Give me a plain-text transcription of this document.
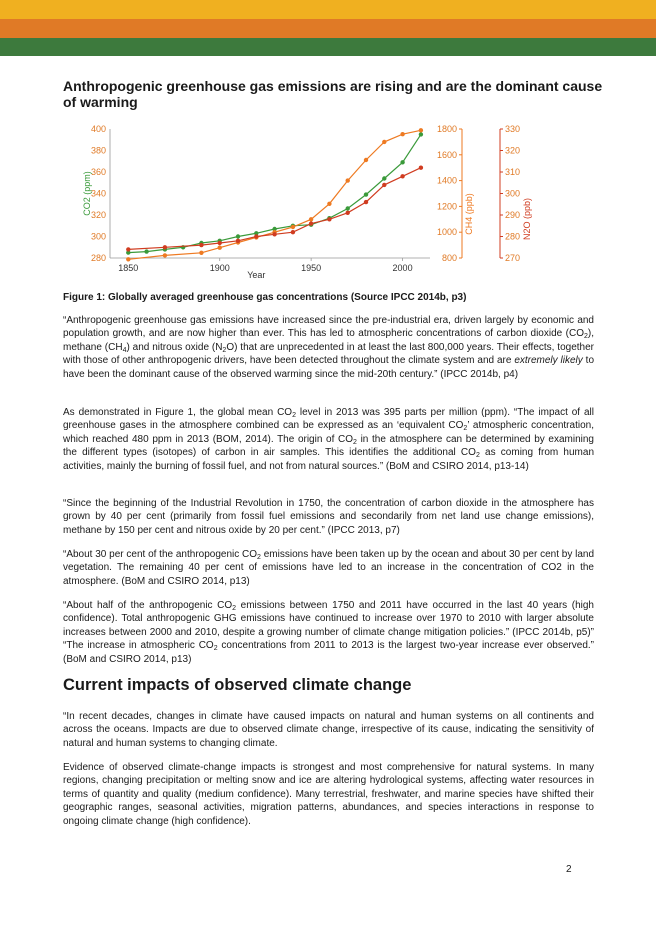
Anthropogenic greenhouse gas emissions are rising and are the dominant cause of warming
400
380
360
340
320
300
280
CO2 (ppm)
1850	1900	1950	2000
Year
1800
1600
1400
1200
1000
800
CH4 (ppb)
330
320
310
300
290
280
270
N2O (ppb)

Figure 1: Globally averaged greenhouse gas concentrations (Source IPCC 2014b, p3)

“Anthropogenic greenhouse gas emissions have increased since the pre-industrial era, driven largely by economic and population growth, and are now higher than ever. This has led to atmospheric concentrations of carbon dioxide $(CO_2)$, methane $(CH_4)$ and nitrous oxide $(N_2O)$ that are unprecedented in at least the last 800,000 years. Their effects, together with those of other anthropogenic drivers, have been detected throughout the climate system and are extremely likely to have been the dominant cause of the observed warming since the mid-20th century.” (IPCC 2014b, p4)

As demonstrated in Figure 1, the global mean $CO_2$ level in 2013 was 395 parts per million (ppm). “The impact of all greenhouse gases in the atmosphere combined can be expressed as an ‘equivalent $CO_2$’ atmospheric concentration, which reached 480 ppm in 2013 (BOM, 2014). The origin of $CO_2$ in the atmosphere can be determined by examining the different types (isotopes) of carbon in air samples. This identifies the additional $CO_2$ as coming from human activities, mainly the burning of fossil fuel, and not from natural sources.” (BoM and CSIRO 2014, p13-14)

“Since the beginning of the Industrial Revolution in 1750, the concentration of carbon dioxide in the atmosphere has grown by 40 per cent (primarily from fossil fuel emissions and secondarily from net land use change emissions), methane by 150 per cent and nitrous oxide by 20 per cent.” (IPCC 2013, p7)

“About 30 per cent of the anthropogenic $CO_2$ emissions have been taken up by the ocean and about 30 per cent by land vegetation. The remaining 40 per cent of emissions have led to an increase in the concentration of CO2 in the atmosphere. (BoM and CSIRO 2014, p13)

“About half of the anthropogenic $CO_2$ emissions between 1750 and 2011 have occurred in the last 40 years (high confidence). Total anthropogenic GHG emissions have continued to increase over 1970 to 2010 with larger absolute increases between 2000 and 2010, despite a growing number of climate change mitigation policies.” (IPCC 2014b, p5)” “The increase in atmospheric $CO_2$ concentrations from 2011 to 2013 is the largest two-year increase ever observed.” (BoM and CSIRO 2014, p13)

Current impacts of observed climate change

“In recent decades, changes in climate have caused impacts on natural and human systems on all continents and across the oceans. Impacts are due to observed climate change, irrespective of its cause, indicating the sensitivity of natural and human systems to changing climate.

Evidence of observed climate-change impacts is strongest and most comprehensive for natural systems. In many regions, changing precipitation or melting snow and ice are altering hydrological systems, affecting water resources in terms of quantity and quality (medium confidence). Many terrestrial, freshwater, and marine species have shifted their geographic ranges, seasonal activities, migration patterns, abundances, and species interactions in response to ongoing climate change (high confidence).

2
